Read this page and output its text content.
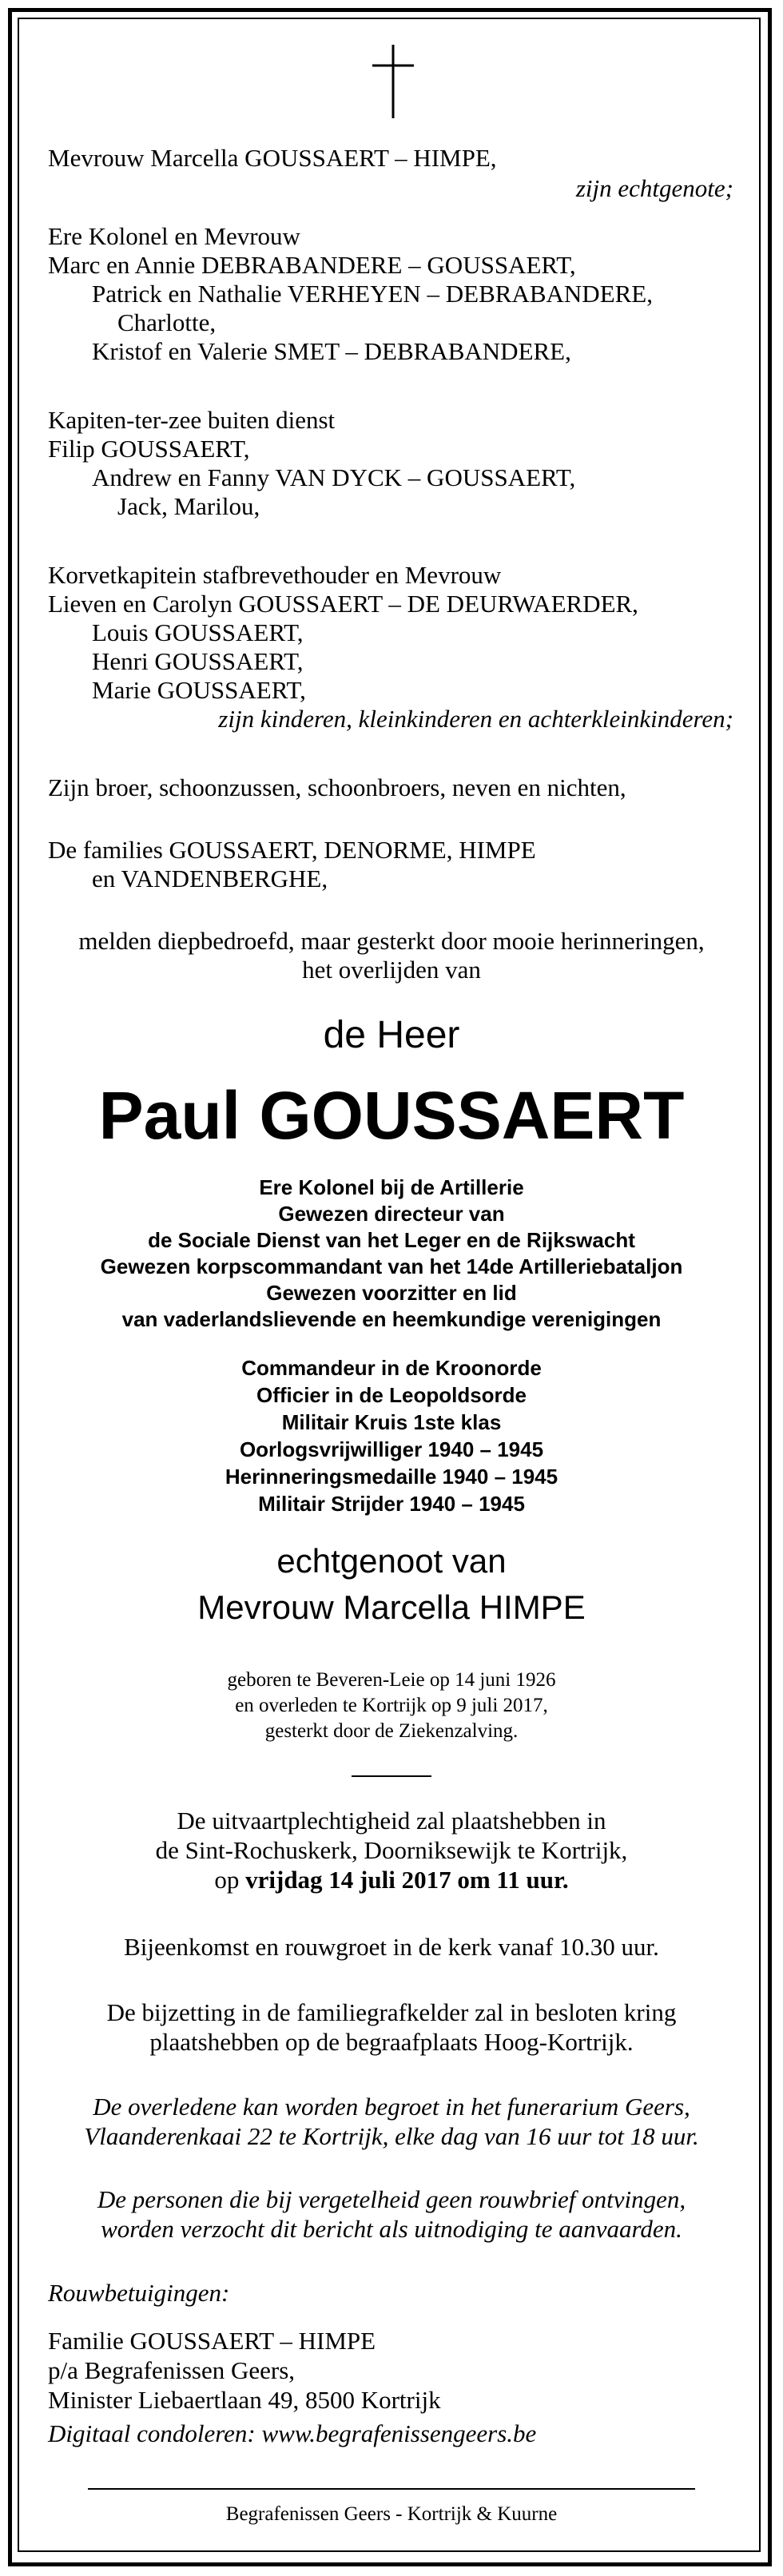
Mevrouw Marcella GOUSSAERT – HIMPE,
zijn echtgenote;
Ere Kolonel en Mevrouw
Marc en Annie DEBRABANDERE – GOUSSAERT,
Patrick en Nathalie VERHEYEN – DEBRABANDERE,
Charlotte,
Kristof en Valerie SMET – DEBRABANDERE,
Kapiten-ter-zee buiten dienst
Filip GOUSSAERT,
Andrew en Fanny VAN DYCK – GOUSSAERT,
Jack, Marilou,
Korvetkapitein stafbrevethouder en Mevrouw
Lieven en Carolyn GOUSSAERT – DE DEURWAERDER,
Louis GOUSSAERT,
Henri GOUSSAERT,
Marie GOUSSAERT,
zijn kinderen, kleinkinderen en achterkleinkinderen;
Zijn broer, schoonzussen, schoonbroers, neven en nichten,
De families GOUSSAERT, DENORME, HIMPE
en VANDENBERGHE,
melden diepbedroefd, maar gesterkt door mooie herinneringen,
het overlijden van
de Heer
Paul GOUSSAERT
Ere Kolonel bij de Artillerie
Gewezen directeur van
de Sociale Dienst van het Leger en de Rijkswacht
Gewezen korpscommandant van het 14de Artilleriebataljon
Gewezen voorzitter en lid
van vaderlandslievende en heemkundige verenigingen
Commandeur in de Kroonorde
Officier in de Leopoldsorde
Militair Kruis 1ste klas
Oorlogsvrijwilliger 1940 – 1945
Herinneringsmedaille 1940 – 1945
Militair Strijder 1940 – 1945
echtgenoot van
Mevrouw Marcella HIMPE
geboren te Beveren-Leie op 14 juni 1926
en overleden te Kortrijk op 9 juli 2017,
gesterkt door de Ziekenzalving.
De uitvaartplechtigheid zal plaatshebben in
de Sint-Rochuskerk, Doorniksewijk te Kortrijk,
op vrijdag 14 juli 2017 om 11 uur.
Bijeenkomst en rouwgroet in de kerk vanaf 10.30 uur.
De bijzetting in de familiegrafkelder zal in besloten kring
plaatshebben op de begraafplaats Hoog-Kortrijk.
De overledene kan worden begroet in het funerarium Geers,
Vlaanderenkaai 22 te Kortrijk, elke dag van 16 uur tot 18 uur.
De personen die bij vergetelheid geen rouwbrief ontvingen,
worden verzocht dit bericht als uitnodiging te aanvaarden.
Rouwbetuigingen:
Familie GOUSSAERT – HIMPE
p/a Begrafenissen Geers,
Minister Liebaertlaan 49, 8500 Kortrijk
Digitaal condoleren: www.begrafenissengeers.be
Begrafenissen Geers - Kortrijk & Kuurne
